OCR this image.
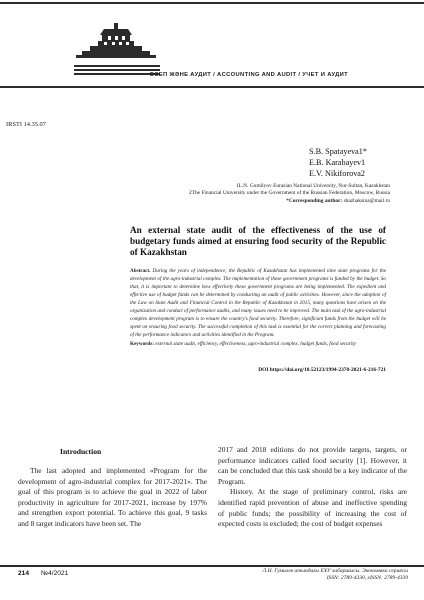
ЕСЕП ЖӘНЕ АУДИТ / ACCOUNTING AND AUDIT / УЧЕТ И АУДИТ
IRSTI 14.35.07
S.B. Spatayeva1*
E.B. Karabayev1
E.V. Nikiforova2
1L.N. Gumilyov Eurasian National University, Nur-Sultan, Kazakhstan
2The Financial University under the Government of the Russian Federation, Moscow, Russia
*Corresponding author: shazhaksina@mail.ru
An external state audit of the effectiveness of the use of budgetary funds aimed at ensuring food security of the Republic of Kazakhstan
Abstract. During the years of independence, the Republic of Kazakhstan has implemented nine state programs for the development of the agro-industrial complex. The implementation of these government programs is funded by the budget. So that, it is important to determine how effectively these government programs are being implemented. The expedient and effective use of budget funds can be determined by conducting an audit of public activities. However, since the adoption of the Law on State Audit and Financial Control in the Republic of Kazakhstan in 2015, many questions have arisen on the organization and conduct of performance audits, and many issues need to be improved. The main task of the agro-industrial complex development program is to ensure the country's food security. Therefore, significant funds from the budget will be spent on ensuring food security. The successful completion of this task is essential for the correct planning and forecasting of the performance indicators and activities identified in the Program.
Keywords: external state audit, efficiency, effectiveness, agro-industrial complex, budget funds, food security
DOI https://doi.org/10.52123/1994-2370-2021-6-216-721
Introduction

The last adopted and implemented «Program for the development of agro-industrial complex for 2017-2021». The goal of this program is to achieve the goal in 2022 of labor productivity in agriculture for 2017-2021, increase by 197% and strengthen export potential. To achieve this goal, 9 tasks and 8 target indicators have been set. The

2017 and 2018 editions do not provide targets, targets, or performance indicators called food security [1]. However, it can be concluded that this task should be a key indicator of the Program.

History. At the stage of preliminary control, risks are identified rapid prevention of abuse and ineffective spending of public funds; the possibility of increasing the cost of expected costs is excluded; the cost of budget expenses

214 №4/2021	Л.Н. Гумилев атындағы ЕҰУ хабаршысы. Экономика сериясы
ISSN: 2789-4330, eISSN: 2789-4339
